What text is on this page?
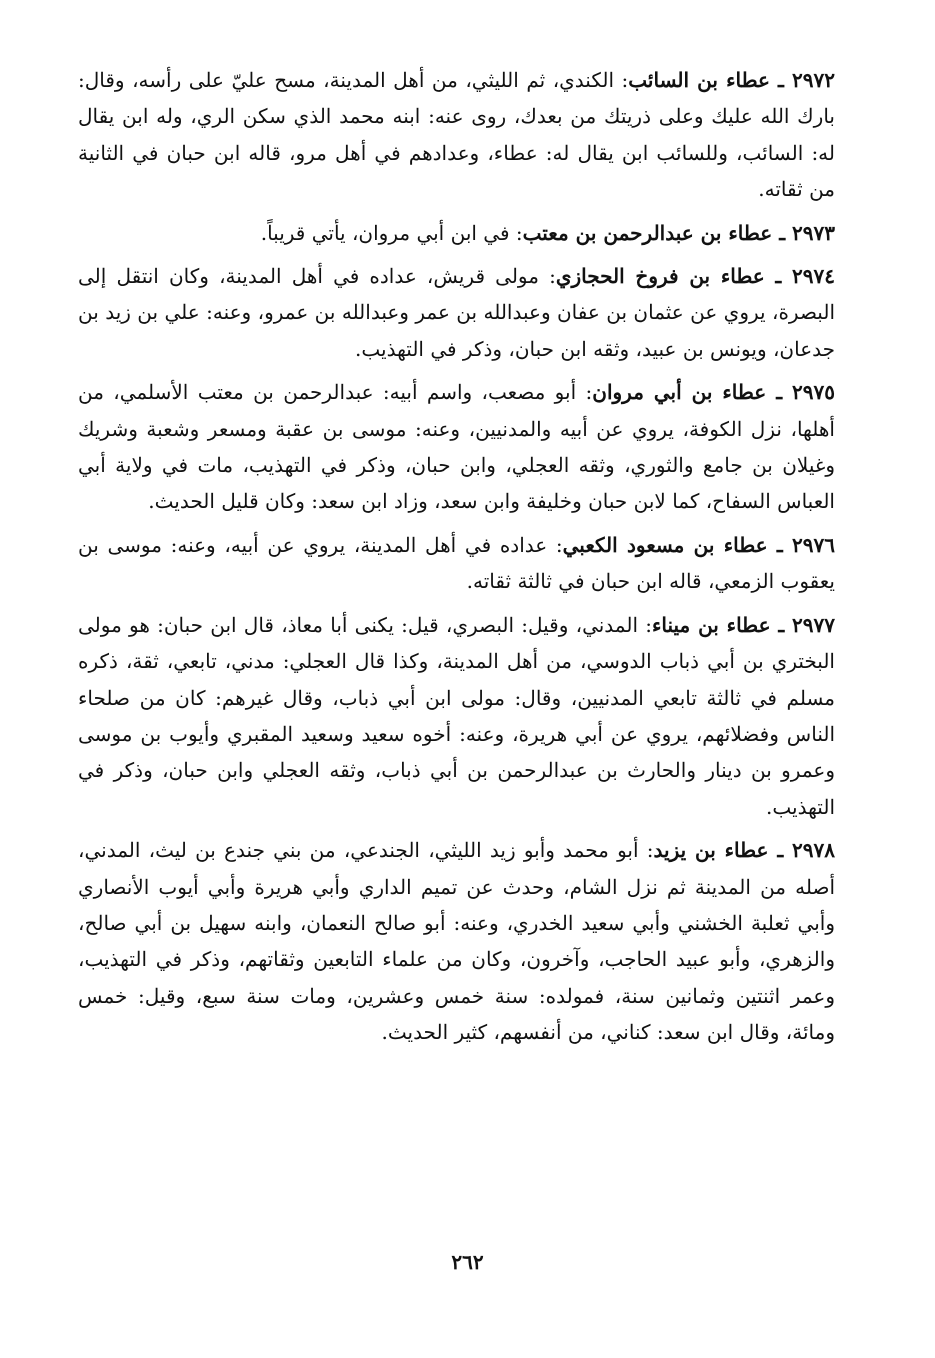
٢٩٧٢ ـ عطاء بن السائب: الكندي، ثم الليثي، من أهل المدينة، مسح عليّ على رأسه، وقال: بارك الله عليك وعلى ذريتك من بعدك، روى عنه: ابنه محمد الذي سكن الري، وله ابن يقال له: السائب، وللسائب ابن يقال له: عطاء، وعدادهم في أهل مرو، قاله ابن حبان في الثانية من ثقاته.

٢٩٧٣ ـ عطاء بن عبدالرحمن بن معتب: في ابن أبي مروان، يأتي قريباً.

٢٩٧٤ ـ عطاء بن فروخ الحجازي: مولى قريش، عداده في أهل المدينة، وكان انتقل إلى البصرة، يروي عن عثمان بن عفان وعبدالله بن عمر وعبدالله بن عمرو، وعنه: علي بن زيد بن جدعان، ويونس بن عبيد، وثقه ابن حبان، وذكر في التهذيب.

٢٩٧٥ ـ عطاء بن أبي مروان: أبو مصعب، واسم أبيه: عبدالرحمن بن معتب الأسلمي، من أهلها، نزل الكوفة، يروي عن أبيه والمدنيين، وعنه: موسى بن عقبة ومسعر وشعبة وشريك وغيلان بن جامع والثوري، وثقه العجلي، وابن حبان، وذكر في التهذيب، مات في ولاية أبي العباس السفاح، كما لابن حبان وخليفة وابن سعد، وزاد ابن سعد: وكان قليل الحديث.

٢٩٧٦ ـ عطاء بن مسعود الكعبي: عداده في أهل المدينة، يروي عن أبيه، وعنه: موسى بن يعقوب الزمعي، قاله ابن حبان في ثالثة ثقاته.

٢٩٧٧ ـ عطاء بن ميناء: المدني، وقيل: البصري، قيل: يكنى أبا معاذ، قال ابن حبان: هو مولى البختري بن أبي ذباب الدوسي، من أهل المدينة، وكذا قال العجلي: مدني، تابعي، ثقة، ذكره مسلم في ثالثة تابعي المدنيين، وقال: مولى ابن أبي ذباب، وقال غيرهم: كان من صلحاء الناس وفضلائهم، يروي عن أبي هريرة، وعنه: أخوه سعيد وسعيد المقبري وأيوب بن موسى وعمرو بن دينار والحارث بن عبدالرحمن بن أبي ذباب، وثقه العجلي وابن حبان، وذكر في التهذيب.

٢٩٧٨ ـ عطاء بن يزيد: أبو محمد وأبو زيد الليثي، الجندعي، من بني جندع بن ليث، المدني، أصله من المدينة ثم نزل الشام، وحدث عن تميم الداري وأبي هريرة وأبي أيوب الأنصاري وأبي ثعلبة الخشني وأبي سعيد الخدري، وعنه: أبو صالح النعمان، وابنه سهيل بن أبي صالح، والزهري، وأبو عبيد الحاجب، وآخرون، وكان من علماء التابعين وثقاتهم، وذكر في التهذيب، وعمر اثنتين وثمانين سنة، فمولده: سنة خمس وعشرين، ومات سنة سبع، وقيل: خمس ومائة، وقال ابن سعد: كناني، من أنفسهم، كثير الحديث.

٢٦٢
